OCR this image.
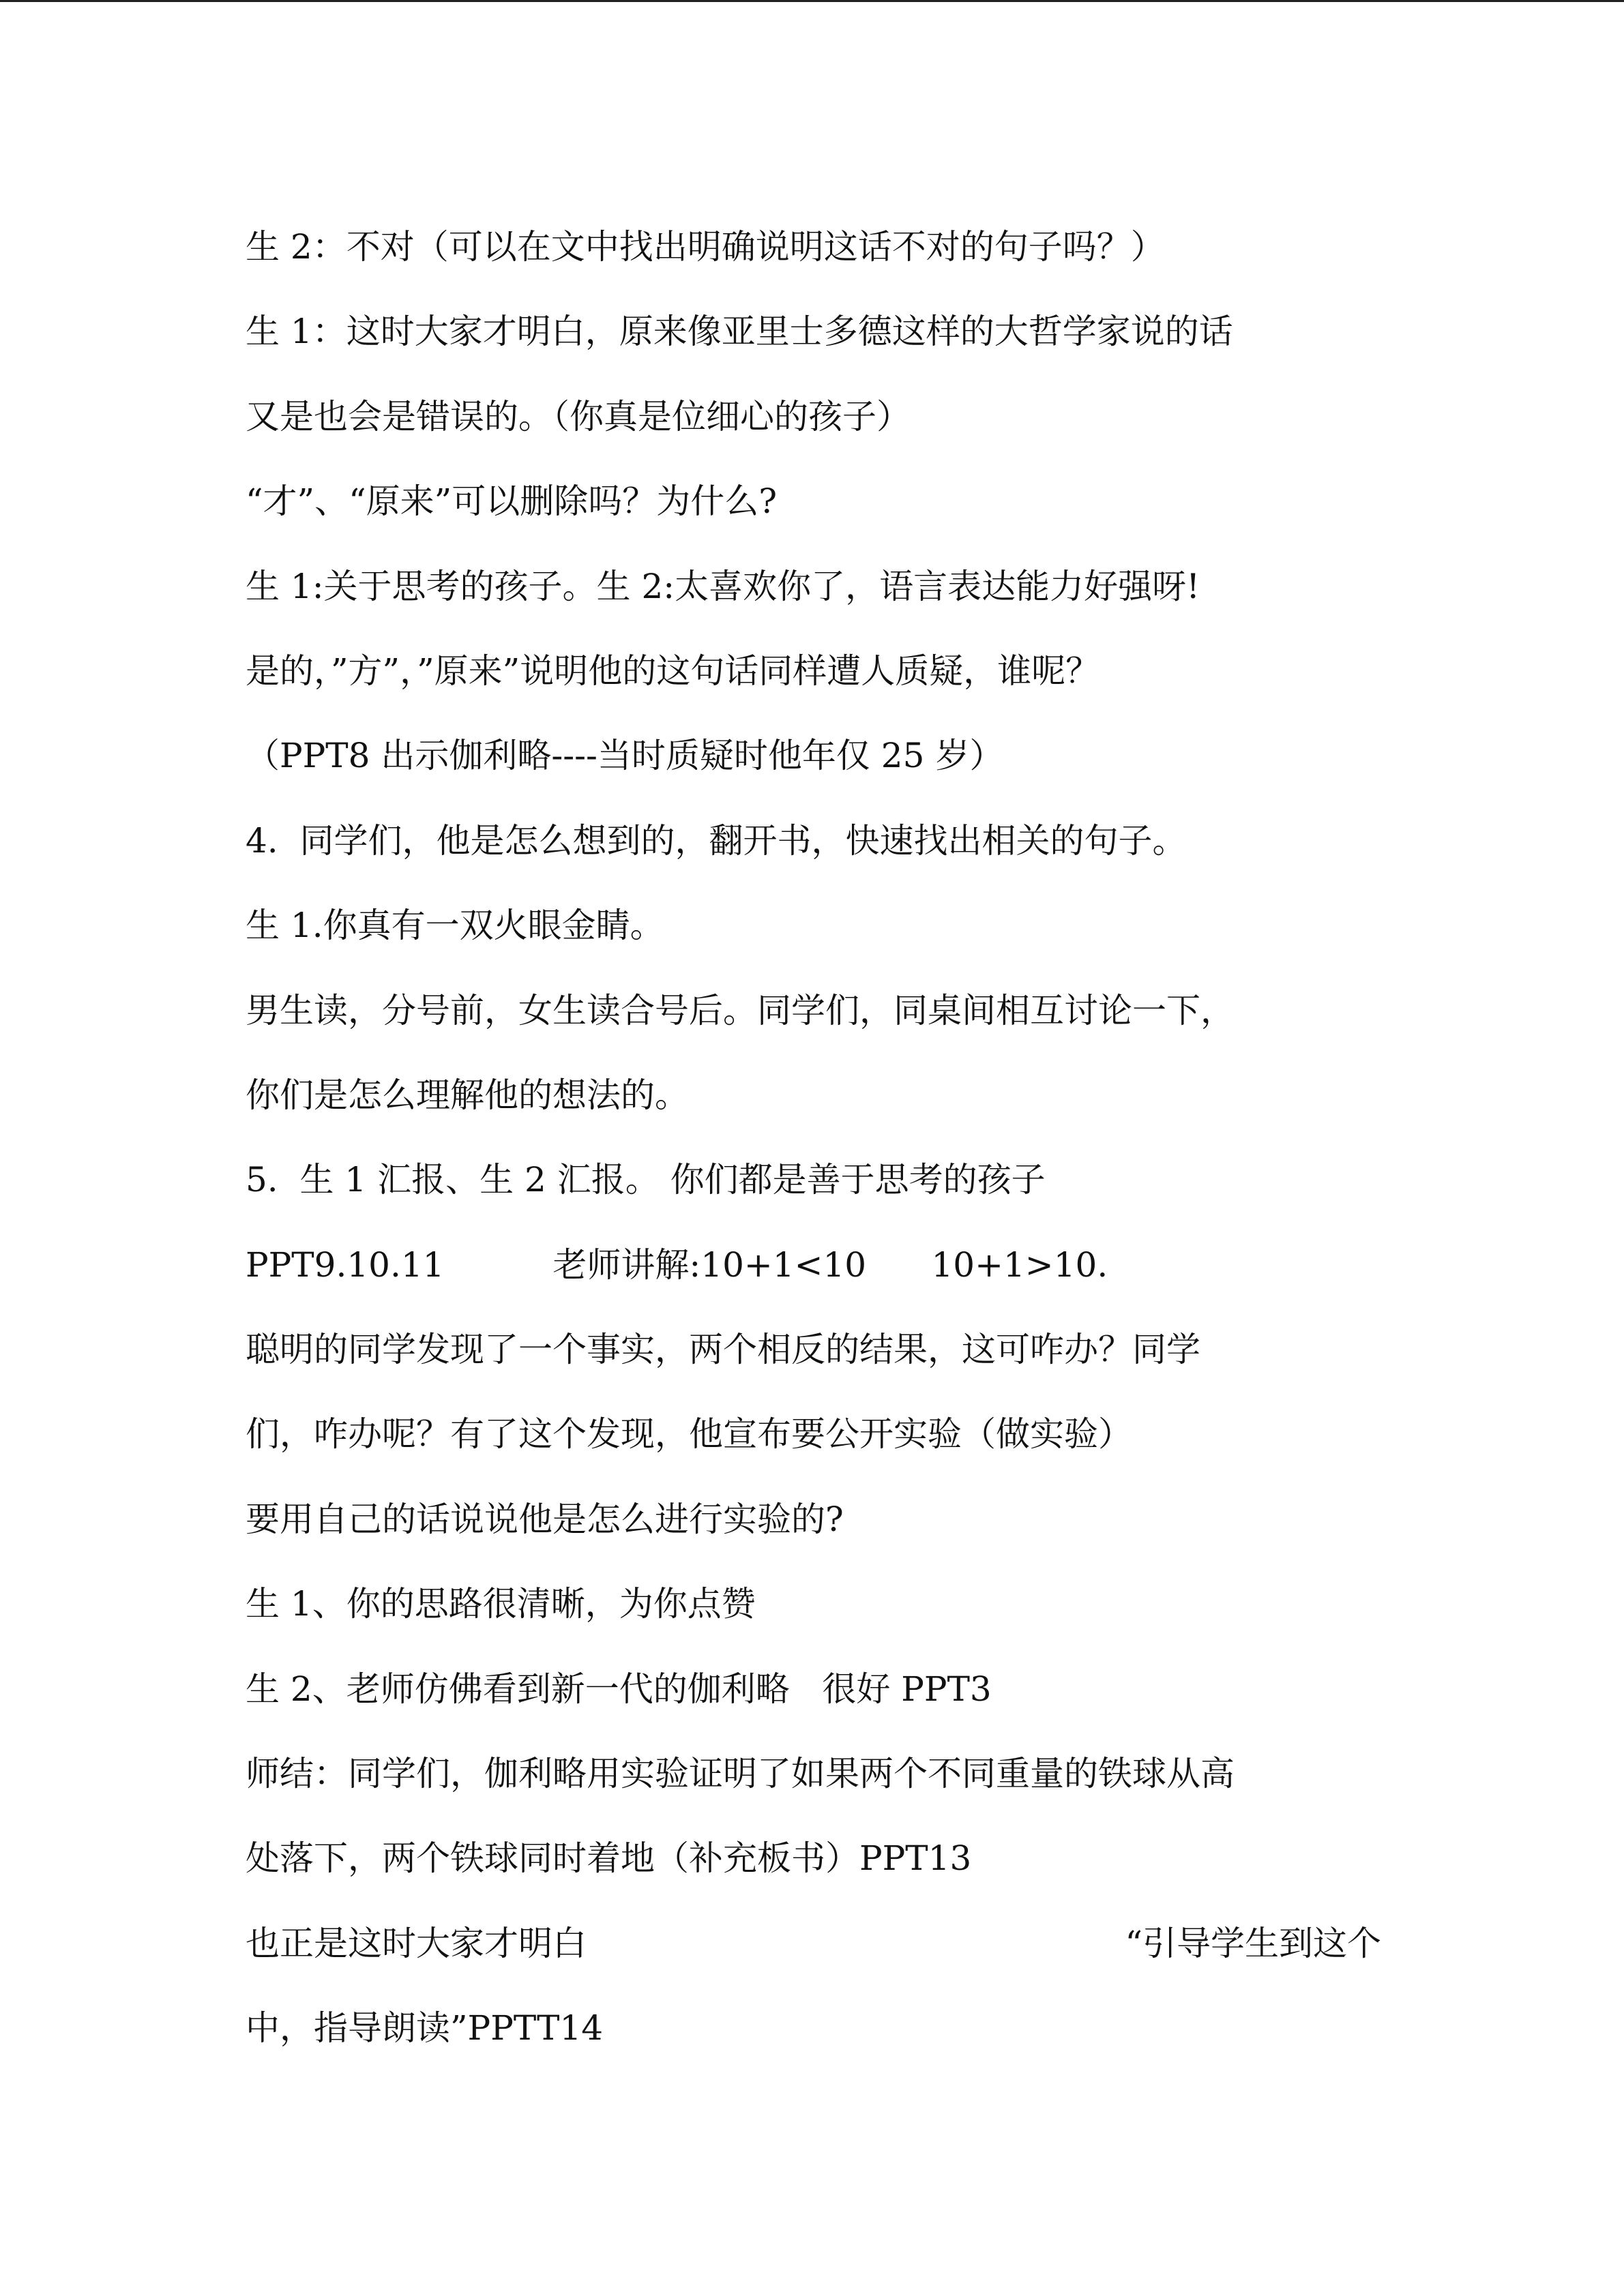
生 2：不对（可以在文中找出明确说明这话不对的句子吗？）
生 1：这时大家才明白，原来像亚里士多德这样的大哲学家说的话
又是也会是错误的。（你真是位细心的孩子）
“才”、“原来”可以删除吗？为什么?
生 1:关于思考的孩子。生 2:太喜欢你了，语言表达能力好强呀!
是的，”方”，”原来”说明他的这句话同样遭人质疑，谁呢？
（PPT8 出示伽利略----当时质疑时他年仅 25 岁）
4.  同学们，他是怎么想到的，翻开书，快速找出相关的句子。
生 1.你真有一双火眼金睛。
男生读，分号前，女生读合号后。同学们，同桌间相互讨论一下，
你们是怎么理解他的想法的。
5.  生 1 汇报、生 2 汇报。 你们都是善于思考的孩子
PPT9.10.11          老师讲解:10+1<10      10+1>10.
聪明的同学发现了一个事实，两个相反的结果，这可咋办？同学
们，咋办呢？有了这个发现，他宣布要公开实验（做实验）
要用自己的话说说他是怎么进行实验的?
生 1、你的思路很清晰，为你点赞
生 2、老师仿佛看到新一代的伽利略   很好 PPT3
师结：同学们，伽利略用实验证明了如果两个不同重量的铁球从高
处落下，两个铁球同时着地（补充板书）PPT13
也正是这时大家才明白	“引导学生到这个
中，指导朗读”PPTT14
